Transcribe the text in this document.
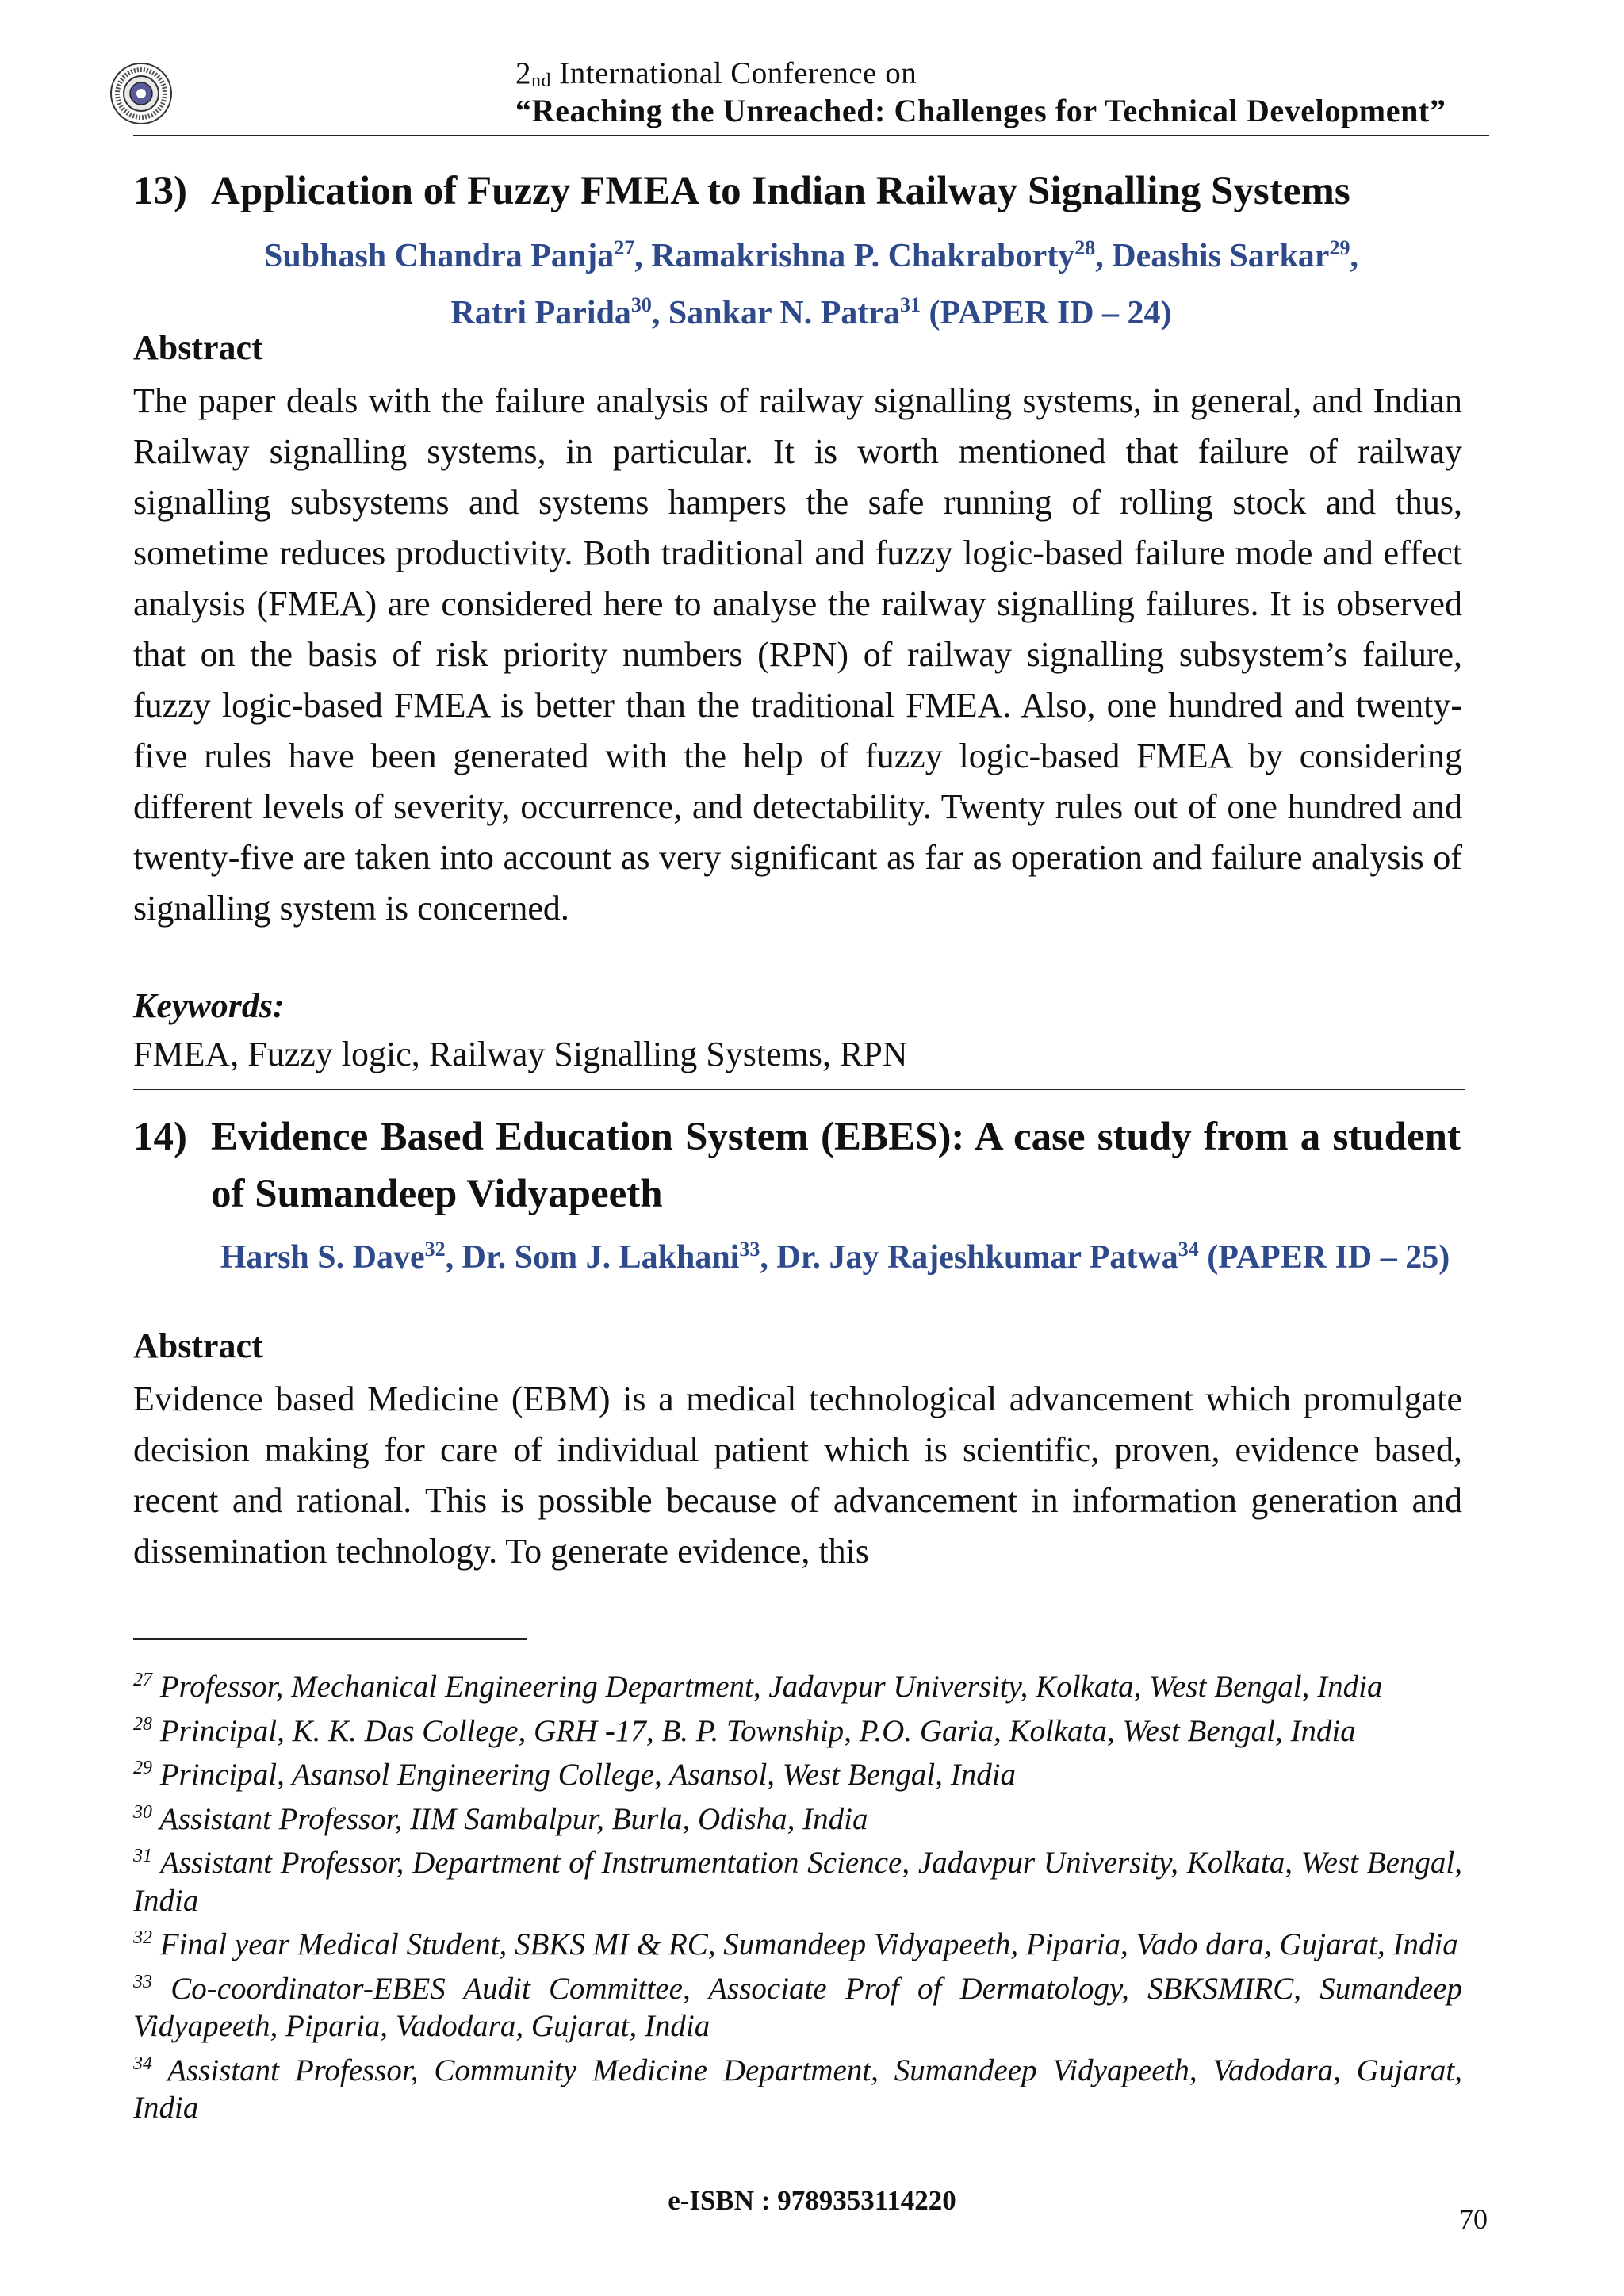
$2_{nd}$ International Conference on
“Reaching the Unreached: Challenges for Technical Development”
13) Application of Fuzzy FMEA to Indian Railway Signalling Systems
Subhash Chandra Panja$^{27}$, Ramakrishna P. Chakraborty$^{28}$, Deashis Sarkar$^{29}$,
Ratri Parida$^{30}$, Sankar N. Patra$^{31}$ (PAPER ID – 24)
Abstract
The paper deals with the failure analysis of railway signalling systems, in general, and Indian Railway signalling systems, in particular. It is worth mentioned that failure of railway signalling subsystems and systems hampers the safe running of rolling stock and thus, sometime reduces productivity. Both traditional and fuzzy logic-based failure mode and effect analysis (FMEA) are considered here to analyse the railway signalling failures. It is observed that on the basis of risk priority numbers (RPN) of railway signalling subsystem’s failure, fuzzy logic-based FMEA is better than the traditional FMEA. Also, one hundred and twenty-five rules have been generated with the help of fuzzy logic-based FMEA by considering different levels of severity, occurrence, and detectability. Twenty rules out of one hundred and twenty-five are taken into account as very significant as far as operation and failure analysis of signalling system is concerned.
Keywords:
FMEA, Fuzzy logic, Railway Signalling Systems, RPN
14) Evidence Based Education System (EBES): A case study from a student of Sumandeep Vidyapeeth
Harsh S. Dave$^{32}$, Dr. Som J. Lakhani$^{33}$, Dr. Jay Rajeshkumar Patwa$^{34}$ (PAPER ID – 25)
Abstract
Evidence based Medicine (EBM) is a medical technological advancement which promulgate decision making for care of individual patient which is scientific, proven, evidence based, recent and rational. This is possible because of advancement in information generation and dissemination technology. To generate evidence, this
$^{27}$ Professor, Mechanical Engineering Department, Jadavpur University, Kolkata, West Bengal, India
$^{28}$ Principal, K. K. Das College, GRH -17, B. P. Township, P.O. Garia, Kolkata, West Bengal, India
$^{29}$ Principal, Asansol Engineering College, Asansol, West Bengal, India
$^{30}$ Assistant Professor, IIM Sambalpur, Burla, Odisha, India
$^{31}$ Assistant Professor, Department of Instrumentation Science, Jadavpur University, Kolkata, West Bengal, India
$^{32}$ Final year Medical Student, SBKS MI & RC, Sumandeep Vidyapeeth, Piparia, Vado dara, Gujarat, India
$^{33}$ Co-coordinator-EBES Audit Committee, Associate Prof of Dermatology, SBKSMIRC, Sumandeep Vidyapeeth, Piparia, Vadodara, Gujarat, India
$^{34}$ Assistant Professor, Community Medicine Department, Sumandeep Vidyapeeth, Vadodara, Gujarat, India
e-ISBN : 9789353114220
70
